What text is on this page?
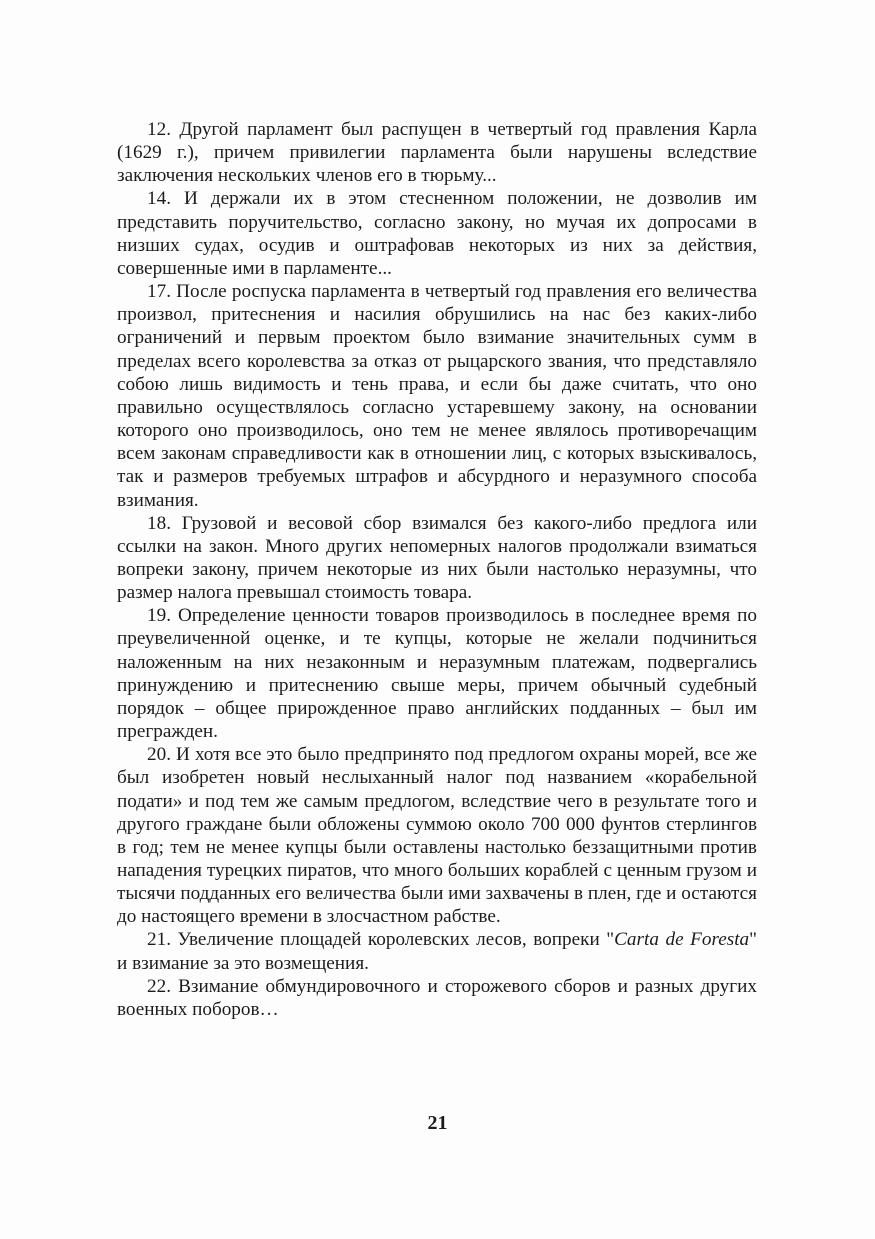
12. Другой парламент был распущен в четвертый год правления Карла (1629 г.), причем привилегии парламента были нарушены вследствие заключения нескольких членов его в тюрьму...

14. И держали их в этом стесненном положении, не дозволив им представить поручительство, согласно закону, но мучая их допросами в низших судах, осудив и оштрафовав некоторых из них за действия, совершенные ими в парламенте...

17. После роспуска парламента в четвертый год правления его величества произвол, притеснения и насилия обрушились на нас без каких-либо ограничений и первым проектом было взимание значительных сумм в пределах всего королевства за отказ от рыцарского звания, что представляло собою лишь видимость и тень права, и если бы даже считать, что оно правильно осуществлялось согласно устаревшему закону, на основании которого оно производилось, оно тем не менее являлось противоречащим всем законам справедливости как в отношении лиц, с которых взыскивалось, так и размеров требуемых штрафов и абсурдного и неразумного способа взимания.

18. Грузовой и весовой сбор взимался без какого-либо предлога или ссылки на закон. Много других непомерных налогов продолжали взиматься вопреки закону, причем некоторые из них были настолько неразумны, что размер налога превышал стоимость товара.

19. Определение ценности товаров производилось в последнее время по преувеличенной оценке, и те купцы, которые не желали подчиниться наложенным на них незаконным и неразумным платежам, подвергались принуждению и притеснению свыше меры, причем обычный судебный порядок – общее прирожденное право английских подданных – был им прегражден.

20. И хотя все это было предпринято под предлогом охраны морей, все же был изобретен новый неслыханный налог под названием «корабельной подати» и под тем же самым предлогом, вследствие чего в результате того и другого граждане были обложены суммою около 700 000 фунтов стерлингов в год; тем не менее купцы были оставлены настолько беззащитными против нападения турецких пиратов, что много больших кораблей с ценным грузом и тысячи подданных его величества были ими захвачены в плен, где и остаются до настоящего времени в злосчастном рабстве.

21. Увеличение площадей королевских лесов, вопреки "Carta de Foresta" и взимание за это возмещения.

22. Взимание обмундировочного и сторожевого сборов и разных других военных поборов…

21
